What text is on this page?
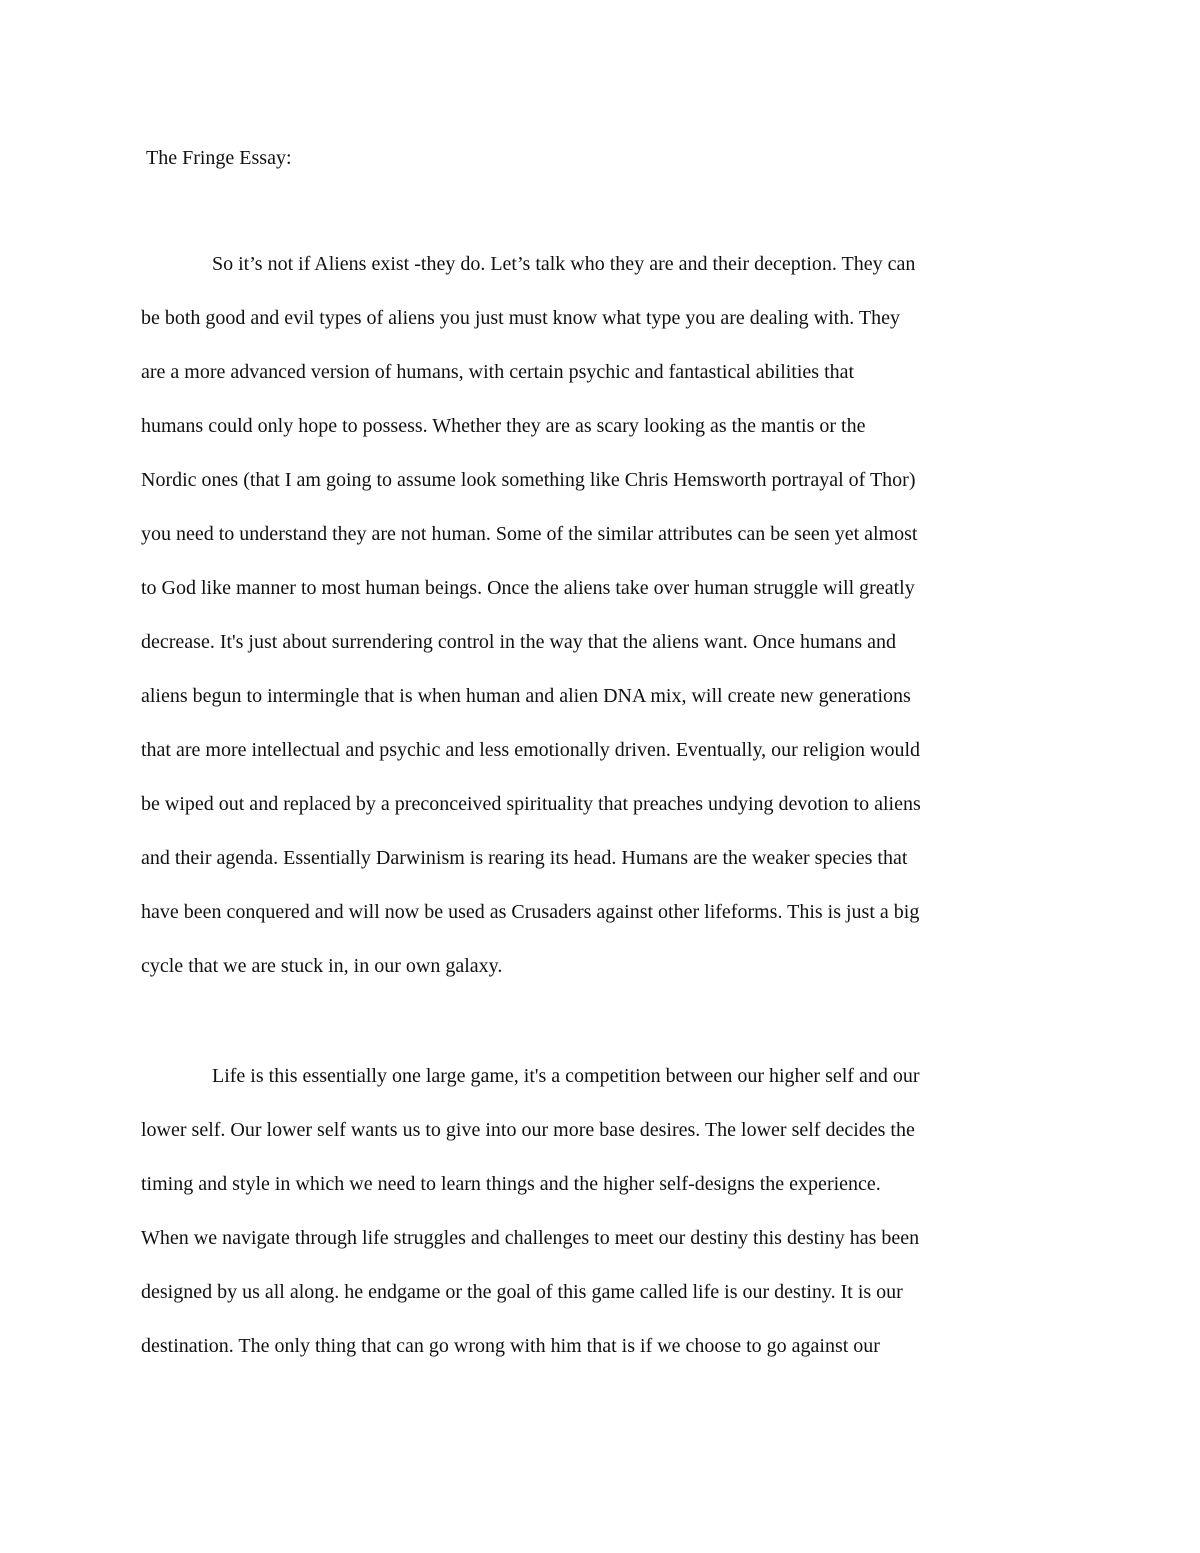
The Fringe Essay:
So it’s not if Aliens exist -they do. Let’s talk who they are and their deception. They can
be both good and evil types of aliens you just must know what type you are dealing with. They
are a more advanced version of humans, with certain psychic and fantastical abilities that
humans could only hope to possess. Whether they are as scary looking as the mantis or the
Nordic ones (that I am going to assume look something like Chris Hemsworth portrayal of Thor)
you need to understand they are not human. Some of the similar attributes can be seen yet almost
to God like manner to most human beings. Once the aliens take over human struggle will greatly
decrease. It's just about surrendering control in the way that the aliens want. Once humans and
aliens begun to intermingle that is when human and alien DNA mix, will create new generations
that are more intellectual and psychic and less emotionally driven. Eventually, our religion would
be wiped out and replaced by a preconceived spirituality that preaches undying devotion to aliens
and their agenda. Essentially Darwinism is rearing its head. Humans are the weaker species that
have been conquered and will now be used as Crusaders against other lifeforms. This is just a big
cycle that we are stuck in, in our own galaxy.
Life is this essentially one large game, it's a competition between our higher self and our
lower self. Our lower self wants us to give into our more base desires. The lower self decides the
timing and style in which we need to learn things and the higher self-designs the experience.
When we navigate through life struggles and challenges to meet our destiny this destiny has been
designed by us all along. he endgame or the goal of this game called life is our destiny. It is our
destination. The only thing that can go wrong with him that is if we choose to go against our
